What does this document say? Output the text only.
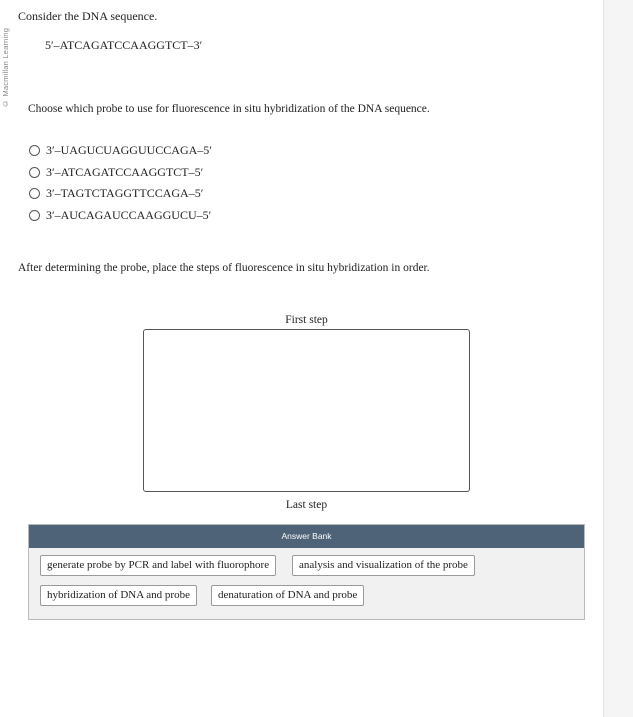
© Macmillan Learning
Consider the DNA sequence.
5′–ATCAGATCCAAGGTCT–3′
Choose which probe to use for fluorescence in situ hybridization of the DNA sequence.
3′–UAGUCUAGGUUCCAGA–5′
3′–ATCAGATCCAAGGTCT–5′
3′–TAGTCTAGGTTCCAGA–5′
3′–AUCAGAUCCAAGGUCU–5′
After determining the probe, place the steps of fluorescence in situ hybridization in order.
First step
Last step
Answer Bank
generate probe by PCR and label with fluorophore	analysis and visualization of the probe
hybridization of DNA and probe	denaturation of DNA and probe
